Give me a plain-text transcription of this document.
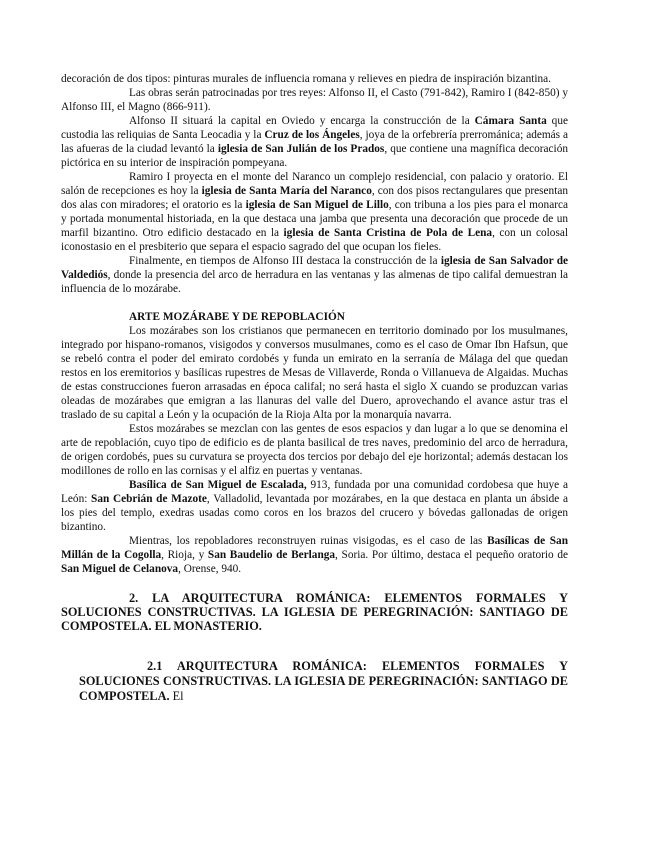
decoración de dos tipos: pinturas murales de influencia romana y relieves en piedra de inspiración bizantina.

Las obras serán patrocinadas por tres reyes: Alfonso II, el Casto (791-842), Ramiro I (842-850) y Alfonso III, el Magno (866-911).

Alfonso II situará la capital en Oviedo y encarga la construcción de la Cámara Santa que custodia las reliquias de Santa Leocadia y la Cruz de los Ángeles, joya de la orfebrería prerrománica; además a las afueras de la ciudad levantó la iglesia de San Julián de los Prados, que contiene una magnífica decoración pictórica en su interior de inspiración pompeyana.

Ramiro I proyecta en el monte del Naranco un complejo residencial, con palacio y oratorio. El salón de recepciones es hoy la iglesia de Santa María del Naranco, con dos pisos rectangulares que presentan dos alas con miradores; el oratorio es la iglesia de San Miguel de Lillo, con tribuna a los pies para el monarca y portada monumental historiada, en la que destaca una jamba que presenta una decoración que procede de un marfil bizantino. Otro edificio destacado en la iglesia de Santa Cristina de Pola de Lena, con un colosal iconostasio en el presbiterio que separa el espacio sagrado del que ocupan los fieles.

Finalmente, en tiempos de Alfonso III destaca la construcción de la iglesia de San Salvador de Valdediós, donde la presencia del arco de herradura en las ventanas y las almenas de tipo califal demuestran la influencia de lo mozárabe.

ARTE MOZÁRABE Y DE REPOBLACIÓN

Los mozárabes son los cristianos que permanecen en territorio dominado por los musulmanes, integrado por hispano-romanos, visigodos y conversos musulmanes, como es el caso de Omar Ibn Hafsun, que se rebeló contra el poder del emirato cordobés y funda un emirato en la serranía de Málaga del que quedan restos en los eremitorios y basílicas rupestres de Mesas de Villaverde, Ronda o Villanueva de Algaidas. Muchas de estas construcciones fueron arrasadas en época califal; no será hasta el siglo X cuando se produzcan varias oleadas de mozárabes que emigran a las llanuras del valle del Duero, aprovechando el avance astur tras el traslado de su capital a León y la ocupación de la Rioja Alta por la monarquía navarra.

Estos mozárabes se mezclan con las gentes de esos espacios y dan lugar a lo que se denomina el arte de repoblación, cuyo tipo de edificio es de planta basilical de tres naves, predominio del arco de herradura, de origen cordobés, pues su curvatura se proyecta dos tercios por debajo del eje horizontal; además destacan los modillones de rollo en las cornisas y el alfiz en puertas y ventanas.

Basílica de San Miguel de Escalada, 913, fundada por una comunidad cordobesa que huye a León: San Cebrián de Mazote, Valladolid, levantada por mozárabes, en la que destaca en planta un ábside a los pies del templo, exedras usadas como coros en los brazos del crucero y bóvedas gallonadas de origen bizantino.

Mientras, los repobladores reconstruyen ruinas visigodas, es el caso de las Basílicas de San Millán de la Cogolla, Rioja, y San Baudelio de Berlanga, Soria. Por último, destaca el pequeño oratorio de San Miguel de Celanova, Orense, 940.

2. LA ARQUITECTURA ROMÁNICA: ELEMENTOS FORMALES Y SOLUCIONES CONSTRUCTIVAS. LA IGLESIA DE PEREGRINACIÓN: SANTIAGO DE COMPOSTELA. EL MONASTERIO.

2.1 ARQUITECTURA ROMÁNICA: ELEMENTOS FORMALES Y SOLUCIONES CONSTRUCTIVAS. LA IGLESIA DE PEREGRINACIÓN: SANTIAGO DE COMPOSTELA. El
